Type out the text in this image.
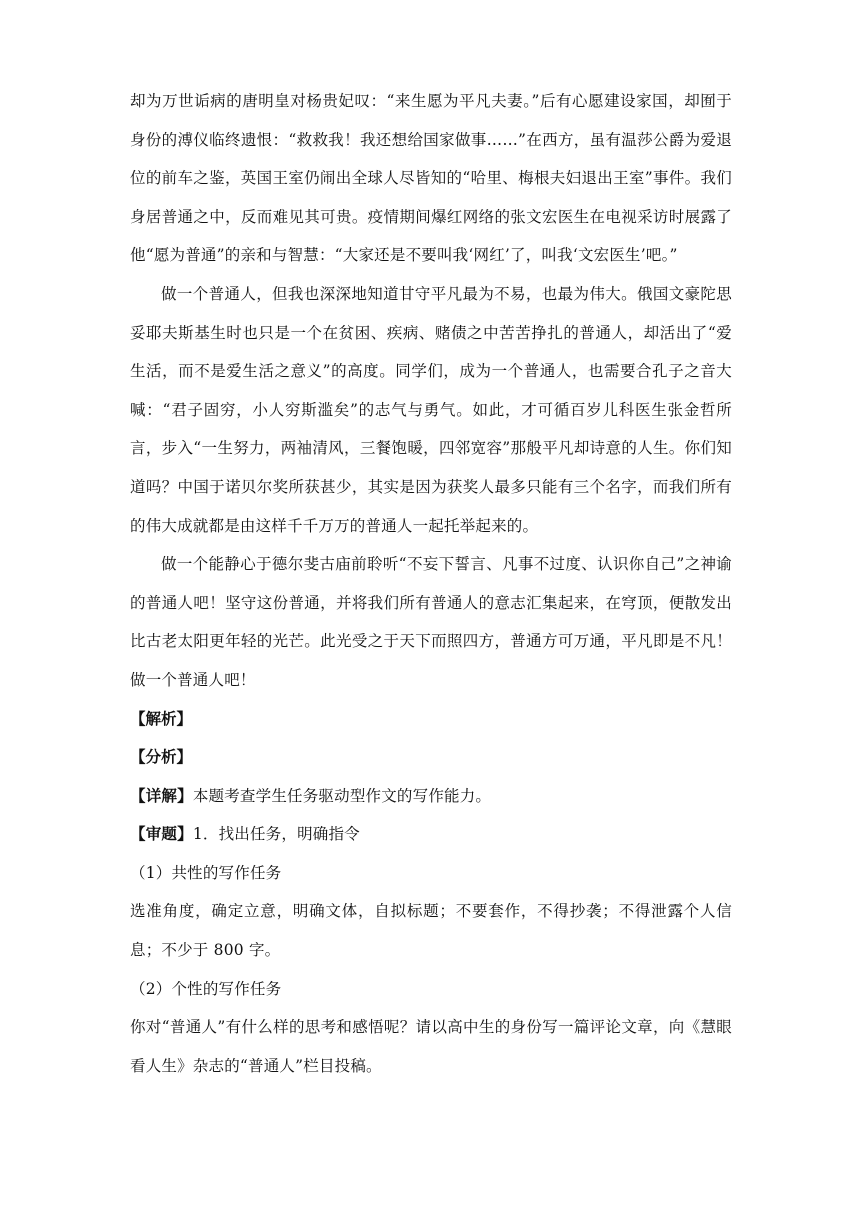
却为万世诟病的唐明皇对杨贵妃叹：“来生愿为平凡夫妻。”后有心愿建设家国，却囿于身份的溥仪临终遗恨：“救救我！我还想给国家做事……”在西方，虽有温莎公爵为爱退位的前车之鉴，英国王室仍闹出全球人尽皆知的“哈里、梅根夫妇退出王室”事件。我们身居普通之中，反而难见其可贵。疫情期间爆红网络的张文宏医生在电视采访时展露了他“愿为普通”的亲和与智慧：“大家还是不要叫我‘网红’了，叫我‘文宏医生’吧。”

做一个普通人，但我也深深地知道甘守平凡最为不易，也最为伟大。俄国文豪陀思妥耶夫斯基生时也只是一个在贫困、疾病、赌债之中苦苦挣扎的普通人，却活出了“爱生活，而不是爱生活之意义”的高度。同学们，成为一个普通人，也需要合孔子之音大喊：“君子固穷，小人穷斯滥矣”的志气与勇气。如此，才可循百岁儿科医生张金哲所言，步入“一生努力，两袖清风，三餐饱暖，四邻宽容”那般平凡却诗意的人生。你们知道吗？中国于诺贝尔奖所获甚少，其实是因为获奖人最多只能有三个名字，而我们所有的伟大成就都是由这样千千万万的普通人一起托举起来的。

做一个能静心于德尔斐古庙前聆听“不妄下誓言、凡事不过度、认识你自己”之神谕的普通人吧！坚守这份普通，并将我们所有普通人的意志汇集起来，在穹顶，便散发出比古老太阳更年轻的光芒。此光受之于天下而照四方，普通方可万通，平凡即是不凡！做一个普通人吧！

【解析】

【分析】

【详解】本题考查学生任务驱动型作文的写作能力。

【审题】1．找出任务，明确指令

（1）共性的写作任务

选准角度，确定立意，明确文体，自拟标题；不要套作，不得抄袭；不得泄露个人信息；不少于 800 字。

（2）个性的写作任务

你对“普通人”有什么样的思考和感悟呢？请以高中生的身份写一篇评论文章，向《慧眼看人生》杂志的“普通人”栏目投稿。
